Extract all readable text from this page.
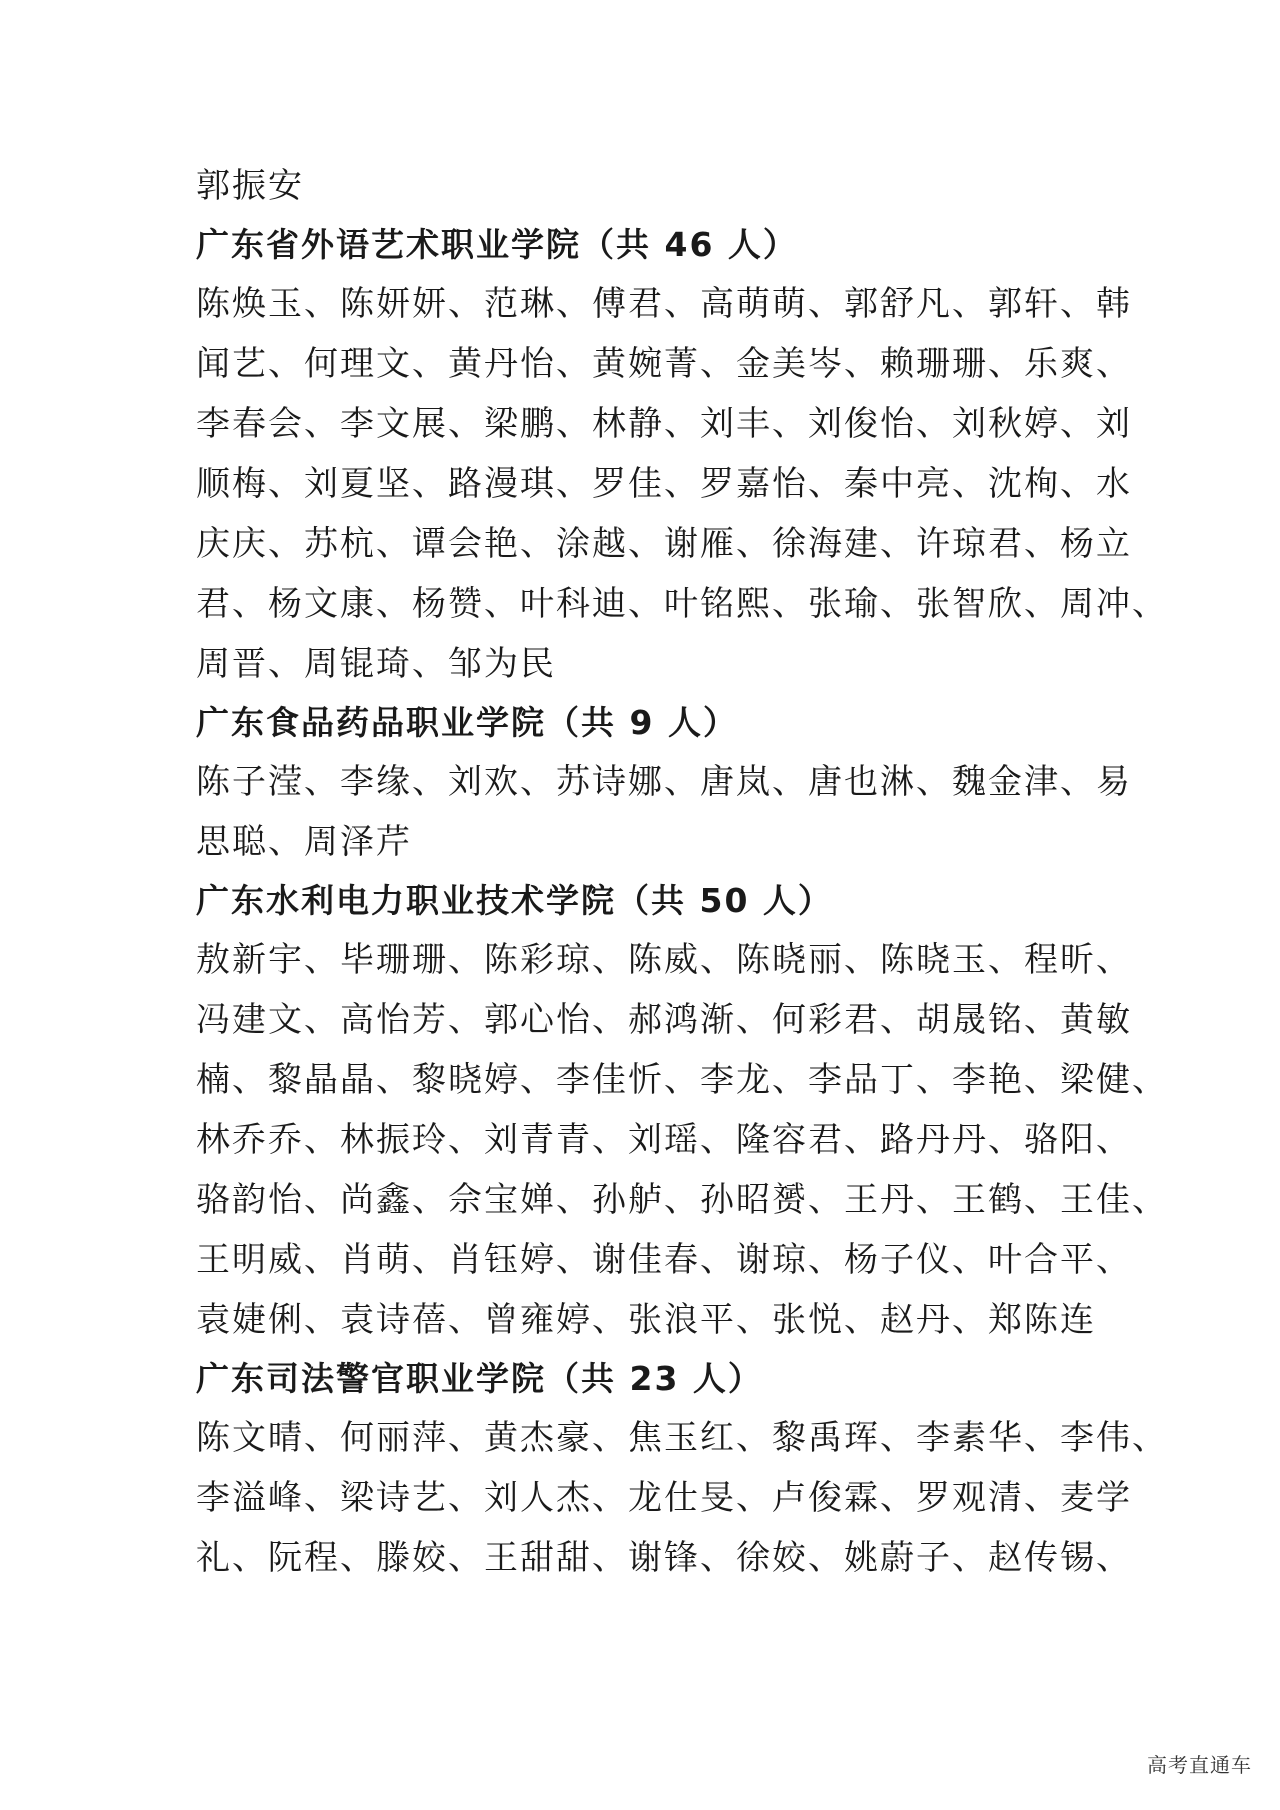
郭振安
广东省外语艺术职业学院（共 46 人）
陈焕玉、陈妍妍、范琳、傅君、高萌萌、郭舒凡、郭轩、韩
闻艺、何理文、黄丹怡、黄婉菁、金美岑、赖珊珊、乐爽、
李春会、李文展、梁鹏、林静、刘丰、刘俊怡、刘秋婷、刘
顺梅、刘夏坚、路漫琪、罗佳、罗嘉怡、秦中亮、沈栒、水
庆庆、苏杭、谭会艳、涂越、谢雁、徐海建、许琼君、杨立
君、杨文康、杨赞、叶科迪、叶铭熙、张瑜、张智欣、周冲、
周晋、周锟琦、邹为民
广东食品药品职业学院（共 9 人）
陈子滢、李缘、刘欢、苏诗娜、唐岚、唐也淋、魏金津、易
思聪、周泽芹
广东水利电力职业技术学院（共 50 人）
敖新宇、毕珊珊、陈彩琼、陈威、陈晓丽、陈晓玉、程昕、
冯建文、高怡芳、郭心怡、郝鸿渐、何彩君、胡晟铭、黄敏
楠、黎晶晶、黎晓婷、李佳忻、李龙、李品丁、李艳、梁健、
林乔乔、林振玲、刘青青、刘瑶、隆容君、路丹丹、骆阳、
骆韵怡、尚鑫、佘宝婵、孙舻、孙昭赟、王丹、王鹤、王佳、
王明威、肖萌、肖钰婷、谢佳春、谢琼、杨子仪、叶合平、
袁婕俐、袁诗蓓、曾雍婷、张浪平、张悦、赵丹、郑陈连
广东司法警官职业学院（共 23 人）
陈文晴、何丽萍、黄杰豪、焦玉红、黎禹珲、李素华、李伟、
李溢峰、梁诗艺、刘人杰、龙仕旻、卢俊霖、罗观清、麦学
礼、阮程、滕姣、王甜甜、谢锋、徐姣、姚蔚子、赵传锡、
高考直通车
